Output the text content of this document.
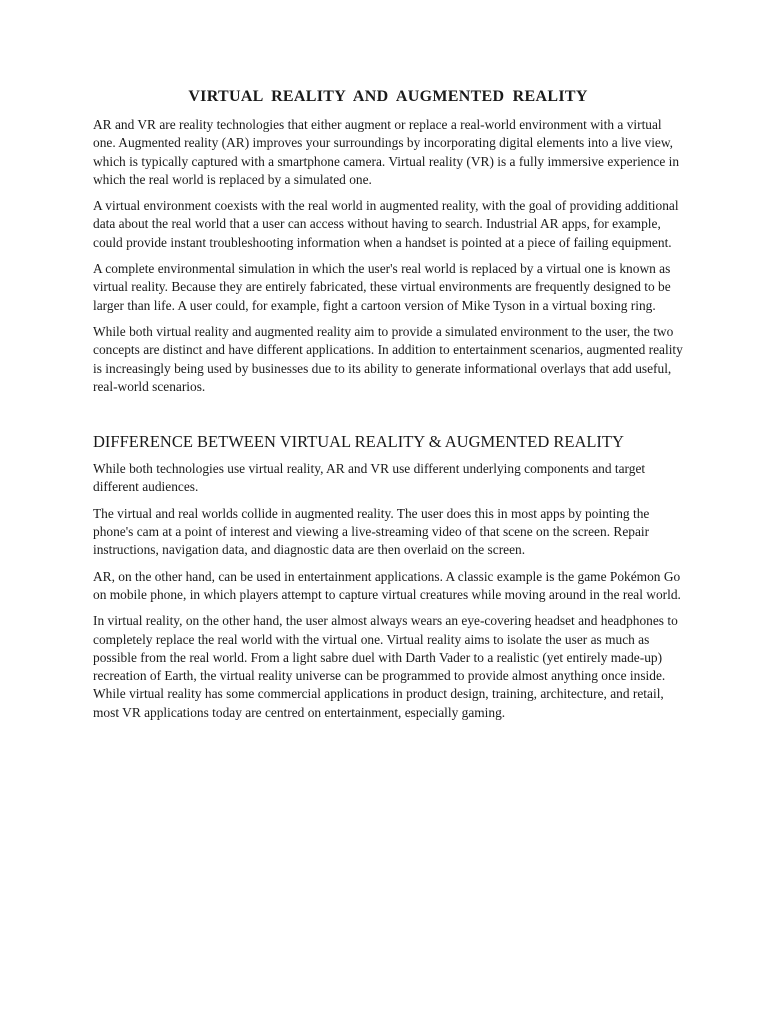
VIRTUAL REALITY AND AUGMENTED REALITY

AR and VR are reality technologies that either augment or replace a real-world environment with a virtual one. Augmented reality (AR) improves your surroundings by incorporating digital elements into a live view, which is typically captured with a smartphone camera. Virtual reality (VR) is a fully immersive experience in which the real world is replaced by a simulated one.

A virtual environment coexists with the real world in augmented reality, with the goal of providing additional data about the real world that a user can access without having to search. Industrial AR apps, for example, could provide instant troubleshooting information when a handset is pointed at a piece of failing equipment.

A complete environmental simulation in which the user's real world is replaced by a virtual one is known as virtual reality. Because they are entirely fabricated, these virtual environments are frequently designed to be larger than life. A user could, for example, fight a cartoon version of Mike Tyson in a virtual boxing ring.

While both virtual reality and augmented reality aim to provide a simulated environment to the user, the two concepts are distinct and have different applications. In addition to entertainment scenarios, augmented reality is increasingly being used by businesses due to its ability to generate informational overlays that add useful, real-world scenarios.

DIFFERENCE BETWEEN VIRTUAL REALITY & AUGMENTED REALITY

While both technologies use virtual reality, AR and VR use different underlying components and target different audiences.

The virtual and real worlds collide in augmented reality. The user does this in most apps by pointing the phone's cam at a point of interest and viewing a live-streaming video of that scene on the screen. Repair instructions, navigation data, and diagnostic data are then overlaid on the screen.

AR, on the other hand, can be used in entertainment applications. A classic example is the game Pokémon Go on mobile phone, in which players attempt to capture virtual creatures while moving around in the real world.

In virtual reality, on the other hand, the user almost always wears an eye-covering headset and headphones to completely replace the real world with the virtual one. Virtual reality aims to isolate the user as much as possible from the real world. From a light sabre duel with Darth Vader to a realistic (yet entirely made-up) recreation of Earth, the virtual reality universe can be programmed to provide almost anything once inside. While virtual reality has some commercial applications in product design, training, architecture, and retail, most VR applications today are centred on entertainment, especially gaming.
